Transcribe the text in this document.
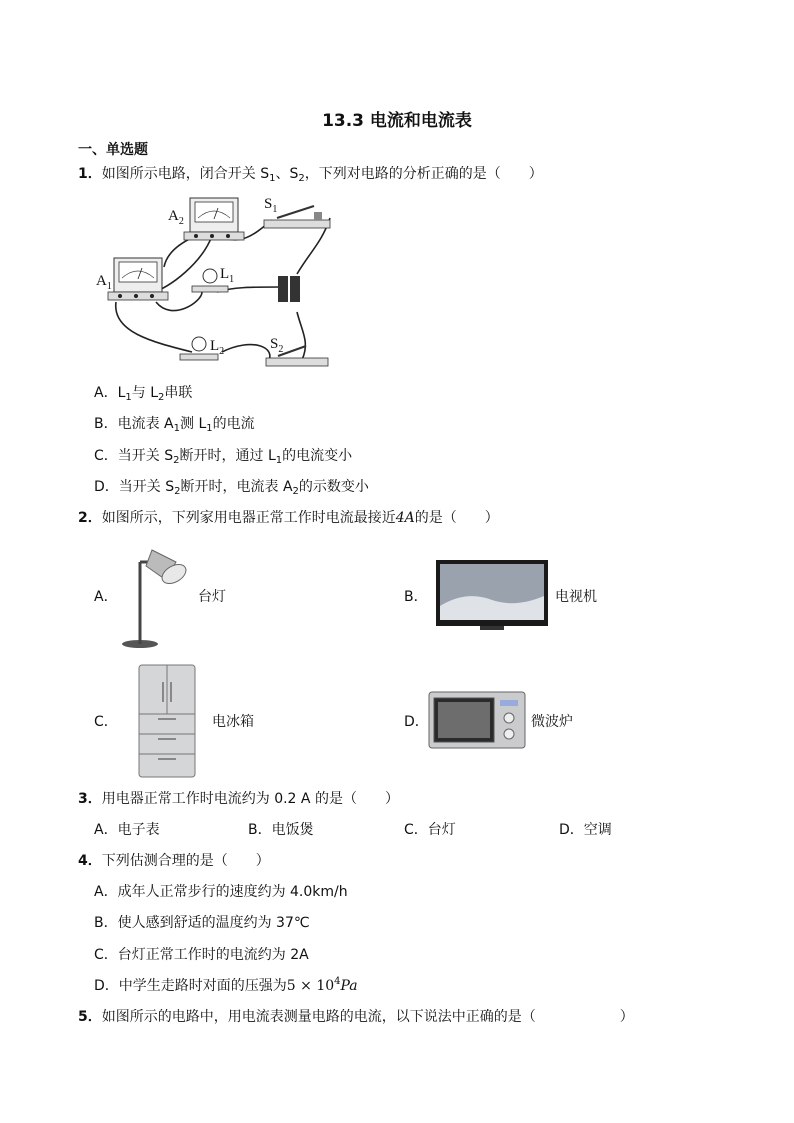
13.3 电流和电流表
一、单选题
1．如图所示电路，闭合开关 $S_1$、$S_2$，下列对电路的分析正确的是（　　）
$A_2$
$A_1$
$S_1$
$S_2$
$L_1$
$L_2$
A．$L_1$与 $L_2$串联
B．电流表 $A_1$测 $L_1$的电流
C．当开关 $S_2$断开时，通过 $L_1$的电流变小
D．当开关 $S_2$断开时，电流表 $A_2$的示数变小
2．如图所示，下列家用电器正常工作时电流最接近4A的是（　　）
A．	台灯	B．	电视机
C．	电冰箱	D．	微波炉
3．用电器正常工作时电流约为 0.2 A 的是（　　）
A．电子表	B．电饭煲	C．台灯	D．空调
4．下列估测合理的是（　　）
A．成年人正常步行的速度约为 4.0km/h
B．使人感到舒适的温度约为 37℃
C．台灯正常工作时的电流约为 2A
D．中学生走路时对面的压强为$5 \times 10^4Pa$
5．如图所示的电路中，用电流表测量电路的电流，以下说法中正确的是（　　　　　　）
